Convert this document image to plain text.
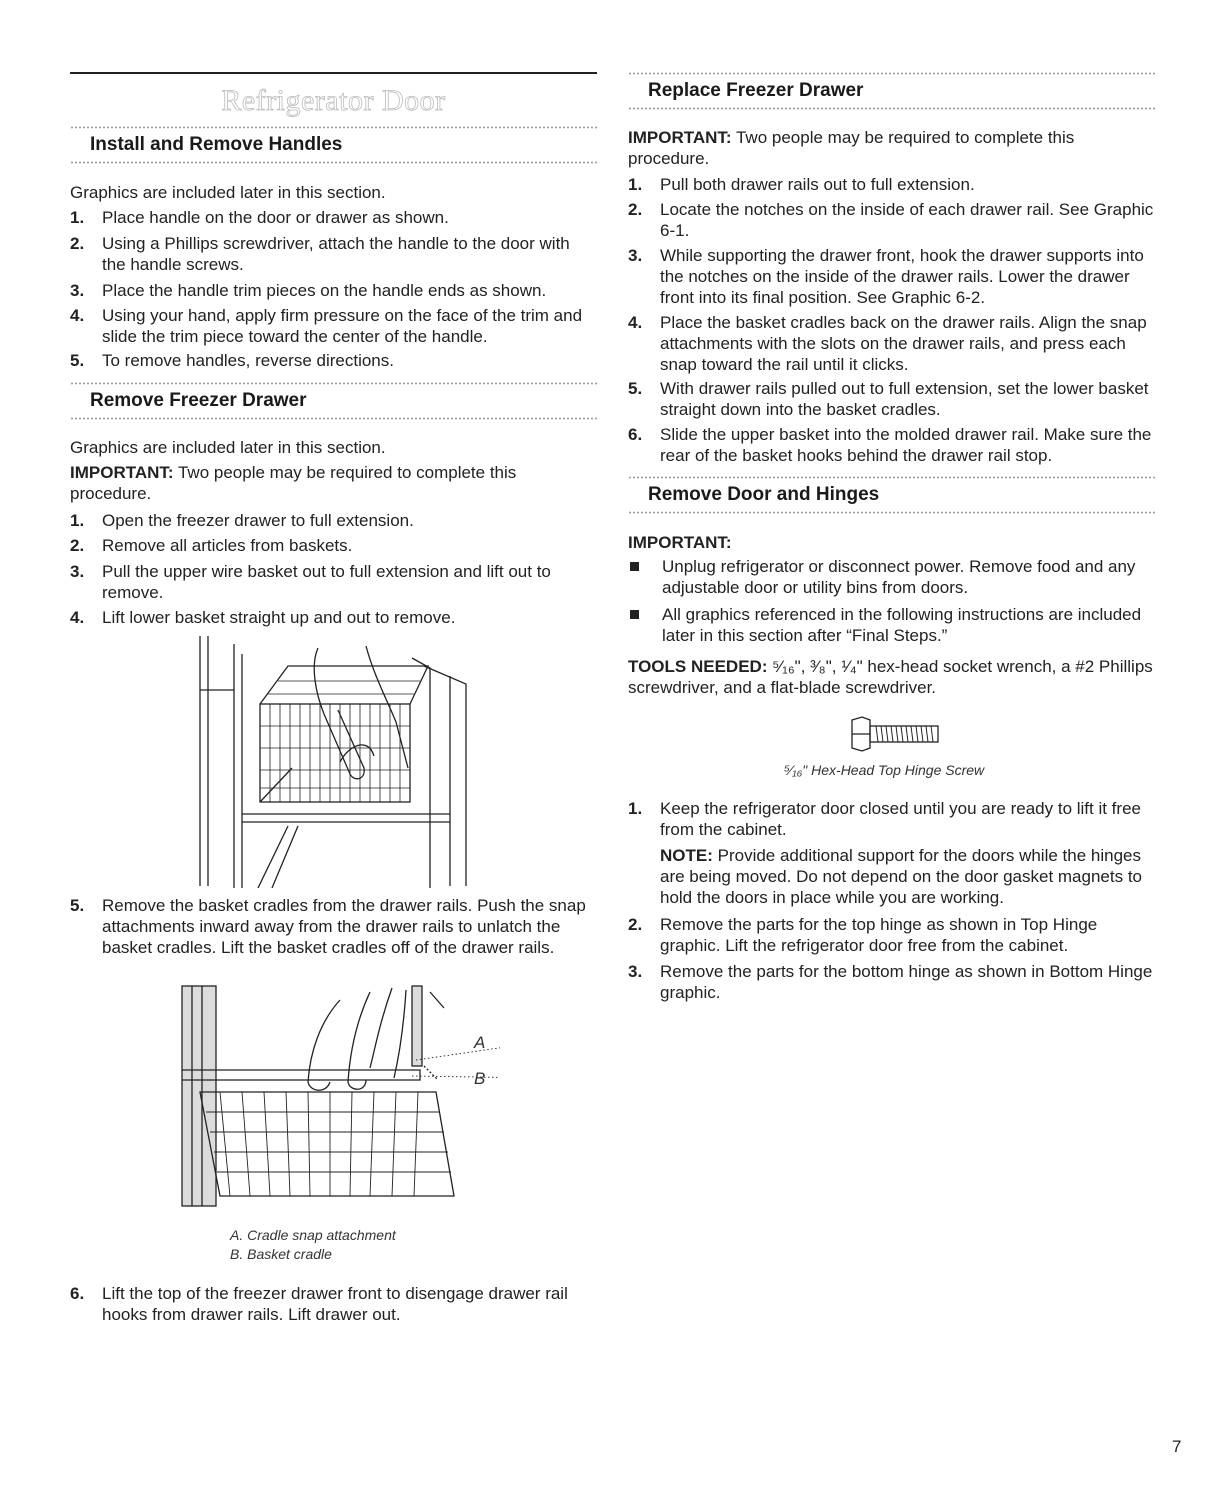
Refrigerator Door
Install and Remove Handles
Graphics are included later in this section.
1. Place handle on the door or drawer as shown.
2. Using a Phillips screwdriver, attach the handle to the door with the handle screws.
3. Place the handle trim pieces on the handle ends as shown.
4. Using your hand, apply firm pressure on the face of the trim and slide the trim piece toward the center of the handle.
5. To remove handles, reverse directions.
Remove Freezer Drawer
Graphics are included later in this section.
IMPORTANT: Two people may be required to complete this procedure.
1. Open the freezer drawer to full extension.
2. Remove all articles from baskets.
3. Pull the upper wire basket out to full extension and lift out to remove.
4. Lift lower basket straight up and out to remove.
5. Remove the basket cradles from the drawer rails. Push the snap attachments inward away from the drawer rails to unlatch the basket cradles. Lift the basket cradles off of the drawer rails.
A
B
A. Cradle snap attachment
B. Basket cradle
6. Lift the top of the freezer drawer front to disengage drawer rail hooks from drawer rails. Lift drawer out.
Replace Freezer Drawer
IMPORTANT: Two people may be required to complete this procedure.
1. Pull both drawer rails out to full extension.
2. Locate the notches on the inside of each drawer rail. See Graphic 6-1.
3. While supporting the drawer front, hook the drawer supports into the notches on the inside of the drawer rails. Lower the drawer front into its final position. See Graphic 6-2.
4. Place the basket cradles back on the drawer rails. Align the snap attachments with the slots on the drawer rails, and press each snap toward the rail until it clicks.
5. With drawer rails pulled out to full extension, set the lower basket straight down into the basket cradles.
6. Slide the upper basket into the molded drawer rail. Make sure the rear of the basket hooks behind the drawer rail stop.
Remove Door and Hinges
IMPORTANT:
Unplug refrigerator or disconnect power. Remove food and any adjustable door or utility bins from doors.
All graphics referenced in the following instructions are included later in this section after “Final Steps.”
TOOLS NEEDED: ⁵⁄₁₆", ³⁄₈", ¹⁄₄" hex-head socket wrench, a #2 Phillips screwdriver, and a flat-blade screwdriver.
⁵⁄₁₆" Hex-Head Top Hinge Screw
1. Keep the refrigerator door closed until you are ready to lift it free from the cabinet.
NOTE: Provide additional support for the doors while the hinges are being moved. Do not depend on the door gasket magnets to hold the doors in place while you are working.
2. Remove the parts for the top hinge as shown in Top Hinge graphic. Lift the refrigerator door free from the cabinet.
3. Remove the parts for the bottom hinge as shown in Bottom Hinge graphic.
7
